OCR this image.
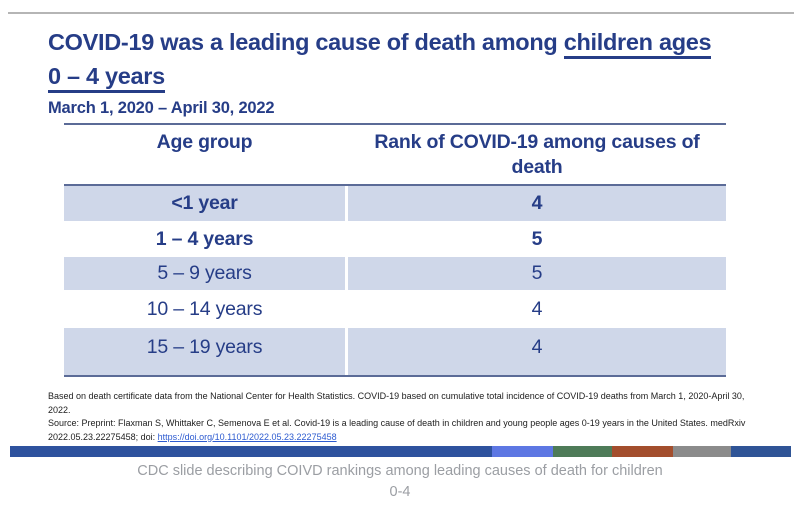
COVID-19 was a leading cause of death among children ages
0 – 4 years
March 1, 2020 – April 30, 2022
Age group	Rank of COVID-19 among causes of death
<1 year	4
1 – 4 years	5
5 – 9 years	5
10 – 14 years	4
15 – 19 years	4

Based on death certificate data from the National Center for Health Statistics. COVID-19 based on cumulative total incidence of COVID-19 deaths from March 1, 2020-April 30, 2022.

Source: Preprint: Flaxman S, Whittaker C, Semenova E et al. Covid-19 is a leading cause of death in children and young people ages 0-19 years in the United States. medRxiv 2022.05.23.22275458; doi: https://doi.org/10.1101/2022.05.23.22275458

CDC slide describing COIVD rankings among leading causes of death for children 0-4
